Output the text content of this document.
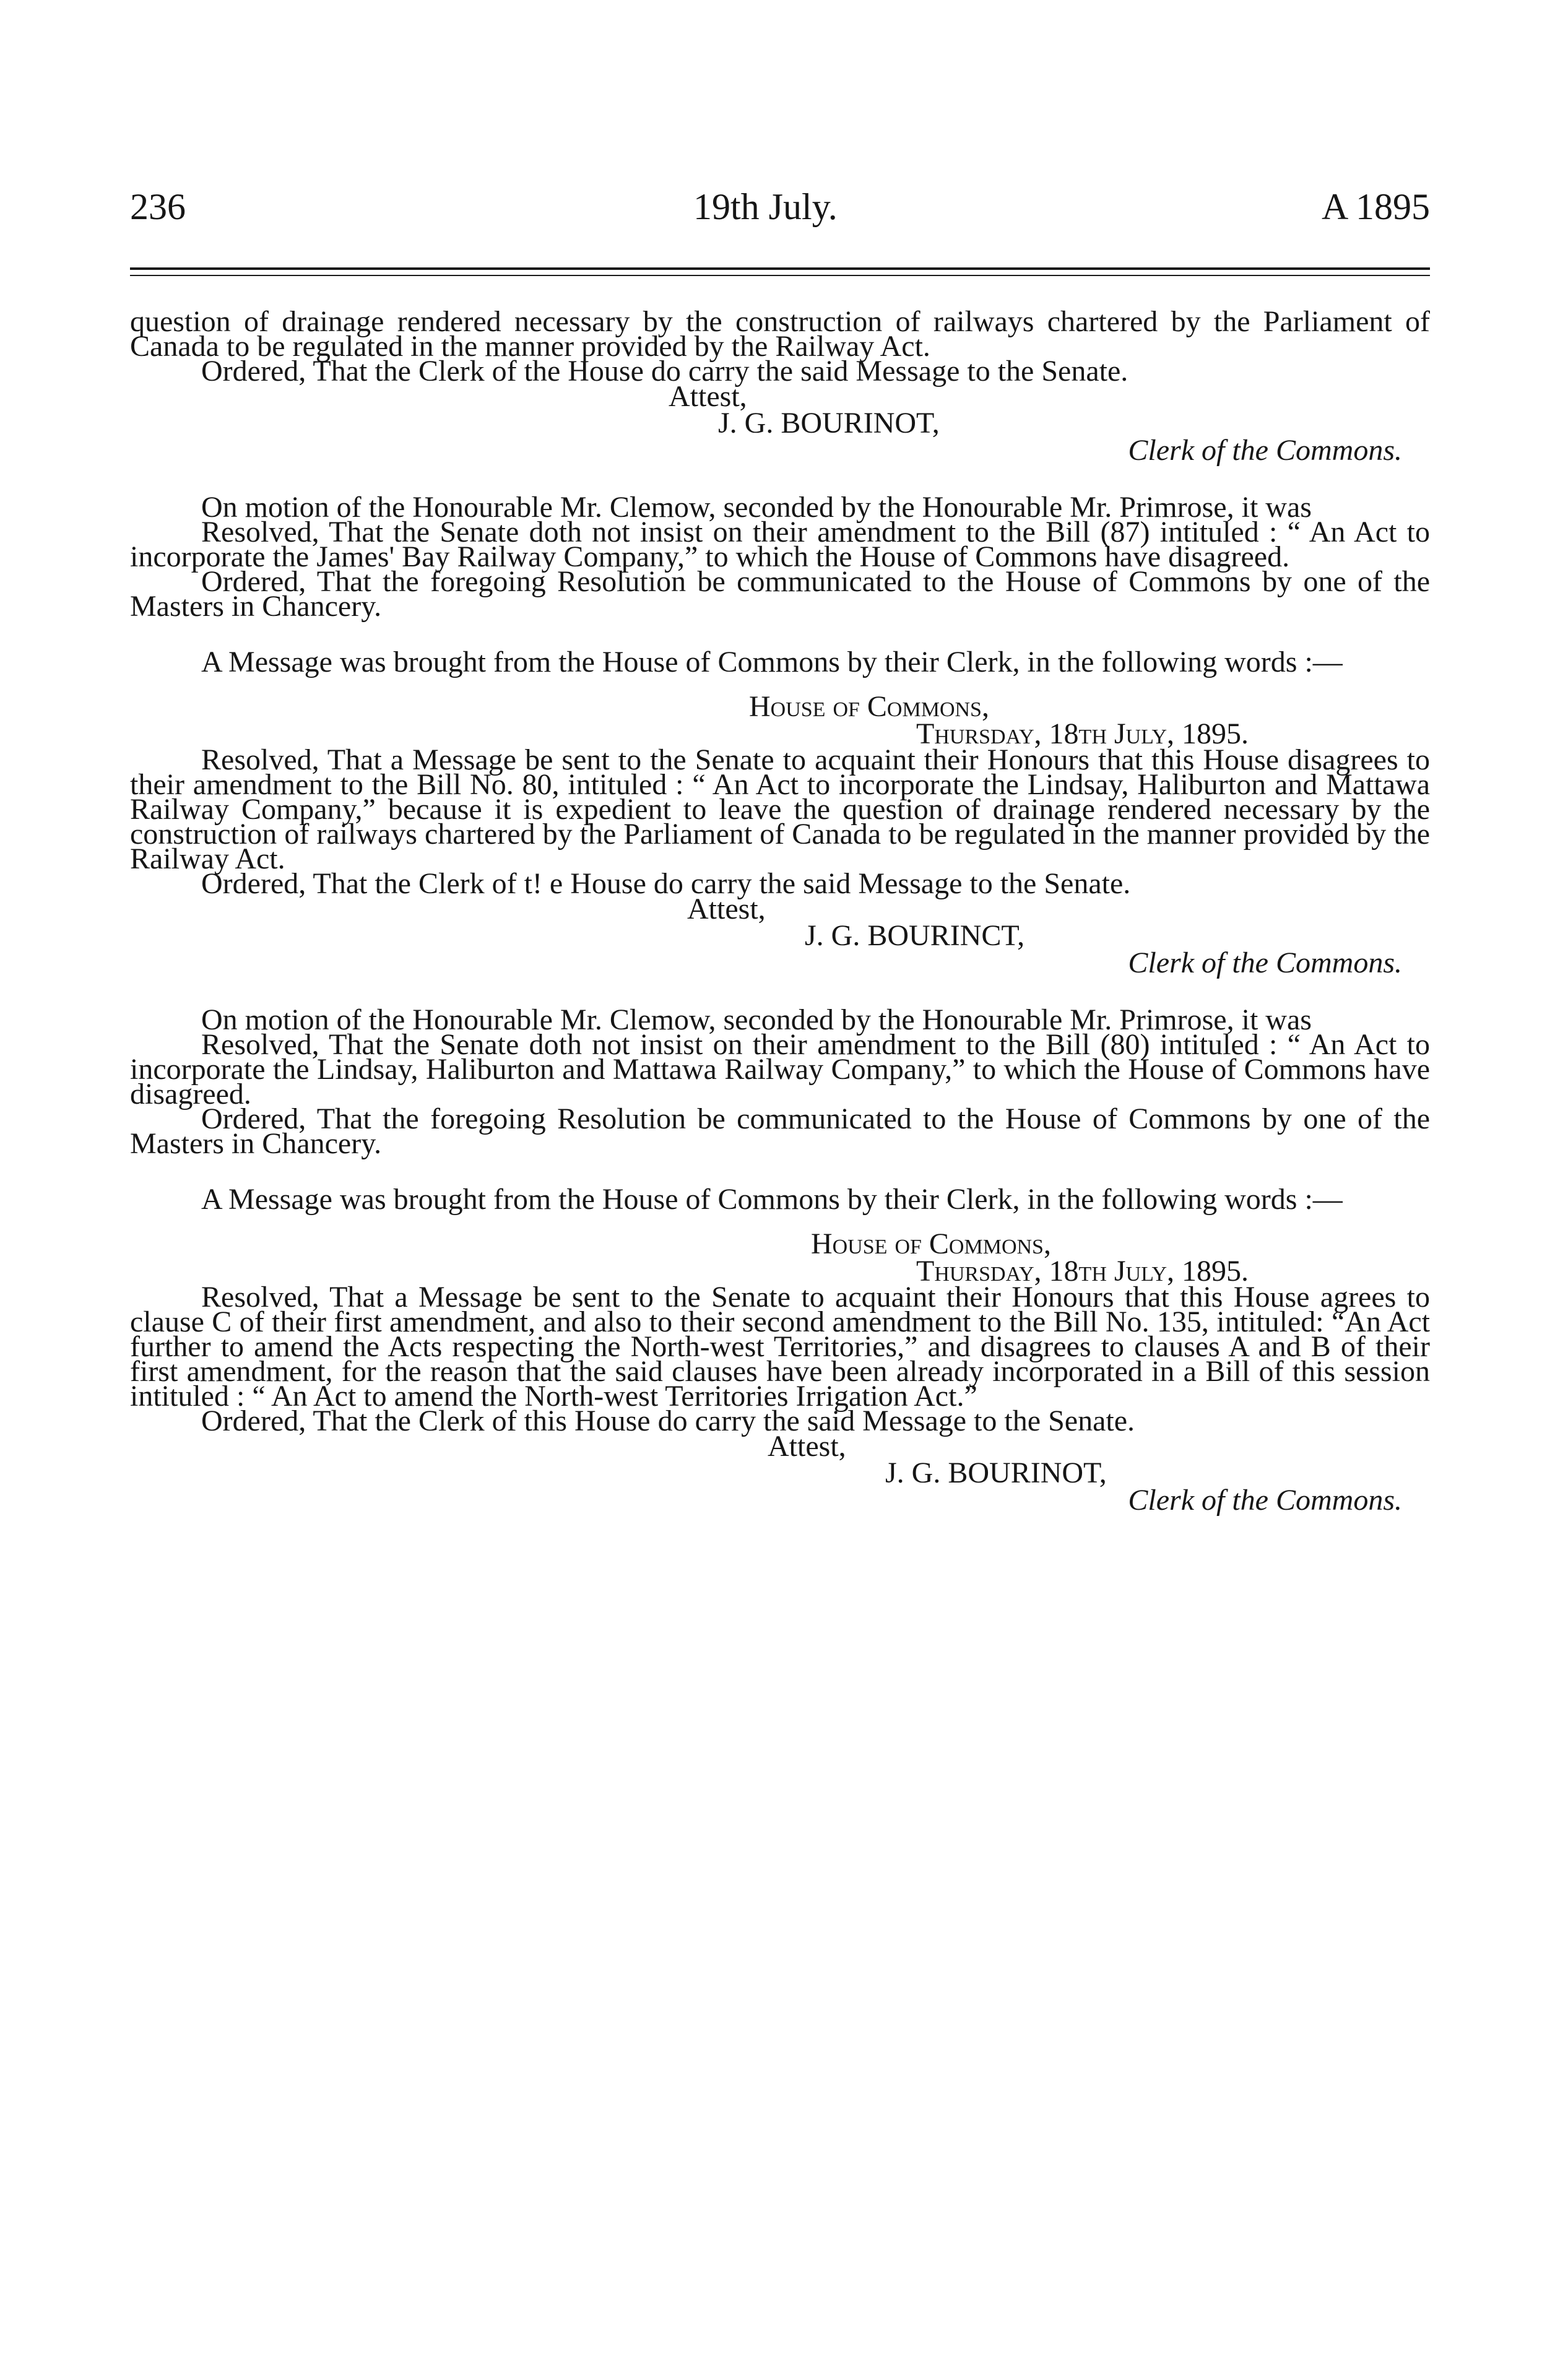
236	19th July.	A 1895

question of drainage rendered necessary by the construction of railways chartered by the Parliament of Canada to be regulated in the manner provided by the Railway Act.

Ordered, That the Clerk of the House do carry the said Message to the Senate.

Attest,
J. G. BOURINOT,
Clerk of the Commons.

On motion of the Honourable Mr. Clemow, seconded by the Honourable Mr. Primrose, it was

Resolved, That the Senate doth not insist on their amendment to the Bill (87) intituled : “ An Act to incorporate the James' Bay Railway Company,” to which the House of Commons have disagreed.

Ordered, That the foregoing Resolution be communicated to the House of Commons by one of the Masters in Chancery.

A Message was brought from the House of Commons by their Clerk, in the following words :—

House of Commons,
Thursday, 18th July, 1895.

Resolved, That a Message be sent to the Senate to acquaint their Honours that this House disagrees to their amendment to the Bill No. 80, intituled : “ An Act to incorporate the Lindsay, Haliburton and Mattawa Railway Company,” because it is expedient to leave the question of drainage rendered necessary by the construction of railways chartered by the Parliament of Canada to be regulated in the manner provided by the Railway Act.

Ordered, That the Clerk of t! e House do carry the said Message to the Senate.

Attest,
J. G. BOURINCT,
Clerk of the Commons.

On motion of the Honourable Mr. Clemow, seconded by the Honourable Mr. Primrose, it was

Resolved, That the Senate doth not insist on their amendment to the Bill (80) intituled : “ An Act to incorporate the Lindsay, Haliburton and Mattawa Railway Company,” to which the House of Commons have disagreed.

Ordered, That the foregoing Resolution be communicated to the House of Commons by one of the Masters in Chancery.

A Message was brought from the House of Commons by their Clerk, in the following words :—

House of Commons,
Thursday, 18th July, 1895.

Resolved, That a Message be sent to the Senate to acquaint their Honours that this House agrees to clause C of their first amendment, and also to their second amendment to the Bill No. 135, intituled: “An Act further to amend the Acts respecting the North-west Territories,” and disagrees to clauses A and B of their first amendment, for the reason that the said clauses have been already incorporated in a Bill of this session intituled : “ An Act to amend the North-west Territories Irrigation Act.”

Ordered, That the Clerk of this House do carry the said Message to the Senate.

Attest,
J. G. BOURINOT,
Clerk of the Commons.
